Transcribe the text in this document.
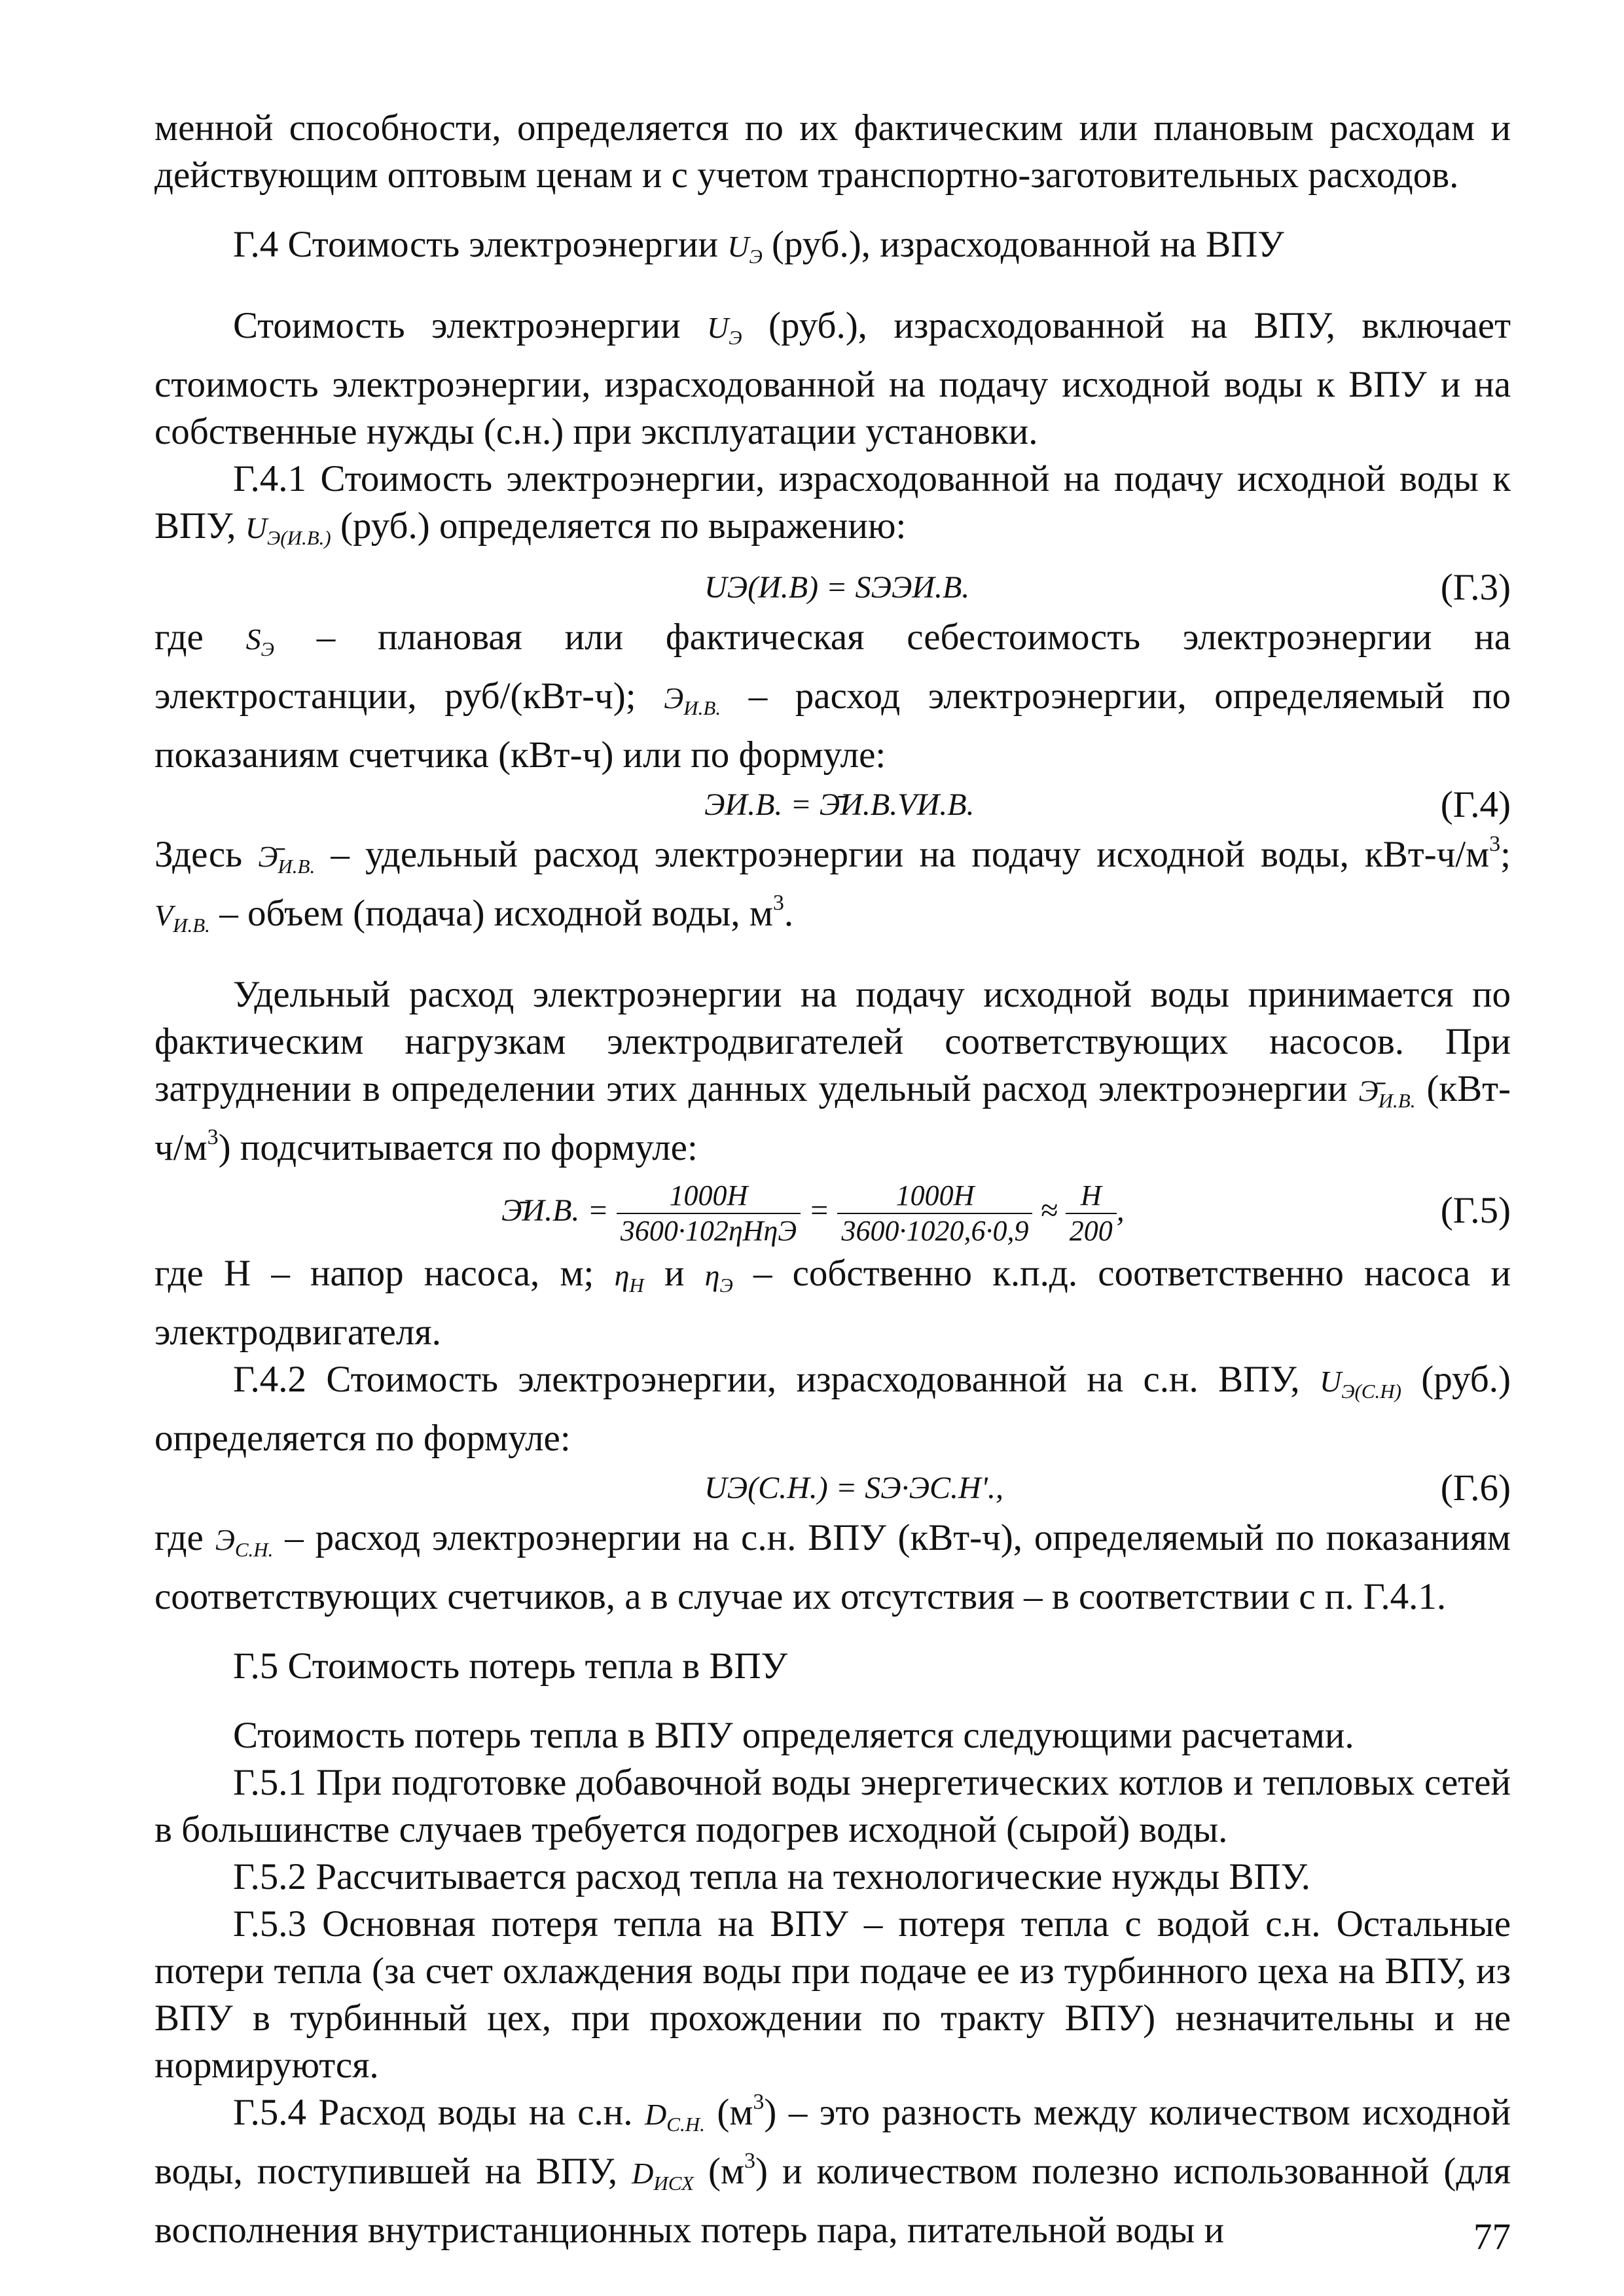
менной способности, определяется по их фактическим или плановым расходам и действующим оптовым ценам и с учетом транспортно-заготовительных расходов.

Г.4 Стоимость электроэнергии $U_Э$ (руб.), израсходованной на ВПУ

Стоимость электроэнергии $U_Э$ (руб.), израсходованной на ВПУ, включает стоимость электроэнергии, израсходованной на подачу исходной воды к ВПУ и на собственные нужды (с.н.) при эксплуатации установки.

Г.4.1 Стоимость электроэнергии, израсходованной на подачу исходной воды к ВПУ, $U_{Э(И.В.)}$ (руб.) определяется по выражению:

UЭ(И.В) = SЭЭИ.В.	(Г.3)

где $S_Э$ – плановая или фактическая себестоимость электроэнергии на электростанции, руб/(кВт-ч); $Э_{И.В.}$ – расход электроэнергии, определяемый по показаниям счетчика (кВт-ч) или по формуле:

ЭИ.В. = Э̄И.В.VИ.В.	(Г.4)

Здесь $Э̄_{И.В.}$ – удельный расход электроэнергии на подачу исходной воды, кВт-$ч/м^3$; $V_{И.В.}$ – объем (подача) исходной воды, $м^3$.

Удельный расход электроэнергии на подачу исходной воды принимается по фактическим нагрузкам электродвигателей соответствующих насосов. При затруднении в определении этих данных удельный расход электроэнергии $Э̄_{И.В.}$ $(кВт-ч/м^3)$ подсчитывается по формуле:

Э̄И.В. = $\frac{1000H}{\text{3600·102ηНηЭ}} = \frac{1000H}{3600\cdot 1020,6\cdot 0,9} \approx \frac{H}{200}$ ,	(Г.5)

где Н – напор насоса, м; $\eta_Н$ и $\eta_Э$ – собственно к.п.д. соответственно насоса и электродвигателя.

Г.4.2 Стоимость электроэнергии, израсходованной на с.н. ВПУ, $U_{Э(С.Н)}$ (руб.) определяется по формуле:

UЭ(С.Н.) = SЭ·ЭС.Н'.,	(Г.6)

где $Э_{С.Н.}$ – расход электроэнергии на с.н. ВПУ (кВт-ч), определяемый по показаниям соответствующих счетчиков, а в случае их отсутствия – в соответствии с п. Г.4.1.

Г.5 Стоимость потерь тепла в ВПУ

Стоимость потерь тепла в ВПУ определяется следующими расчетами.

Г.5.1 При подготовке добавочной воды энергетических котлов и тепловых сетей в большинстве случаев требуется подогрев исходной (сырой) воды.

Г.5.2 Рассчитывается расход тепла на технологические нужды ВПУ.

Г.5.3 Основная потеря тепла на ВПУ – потеря тепла с водой с.н. Остальные потери тепла (за счет охлаждения воды при подаче ее из турбинного цеха на ВПУ, из ВПУ в турбинный цех, при прохождении по тракту ВПУ) незначительны и не нормируются.

Г.5.4 Расход воды на с.н. $D_{С.Н.}$ $(м^3)$ – это разность между количеством исходной воды, поступившей на ВПУ, $D_{ИСХ}$ $(м^3)$ и количеством полезно использованной (для восполнения внутристанционных потерь пара, питательной воды и	77
